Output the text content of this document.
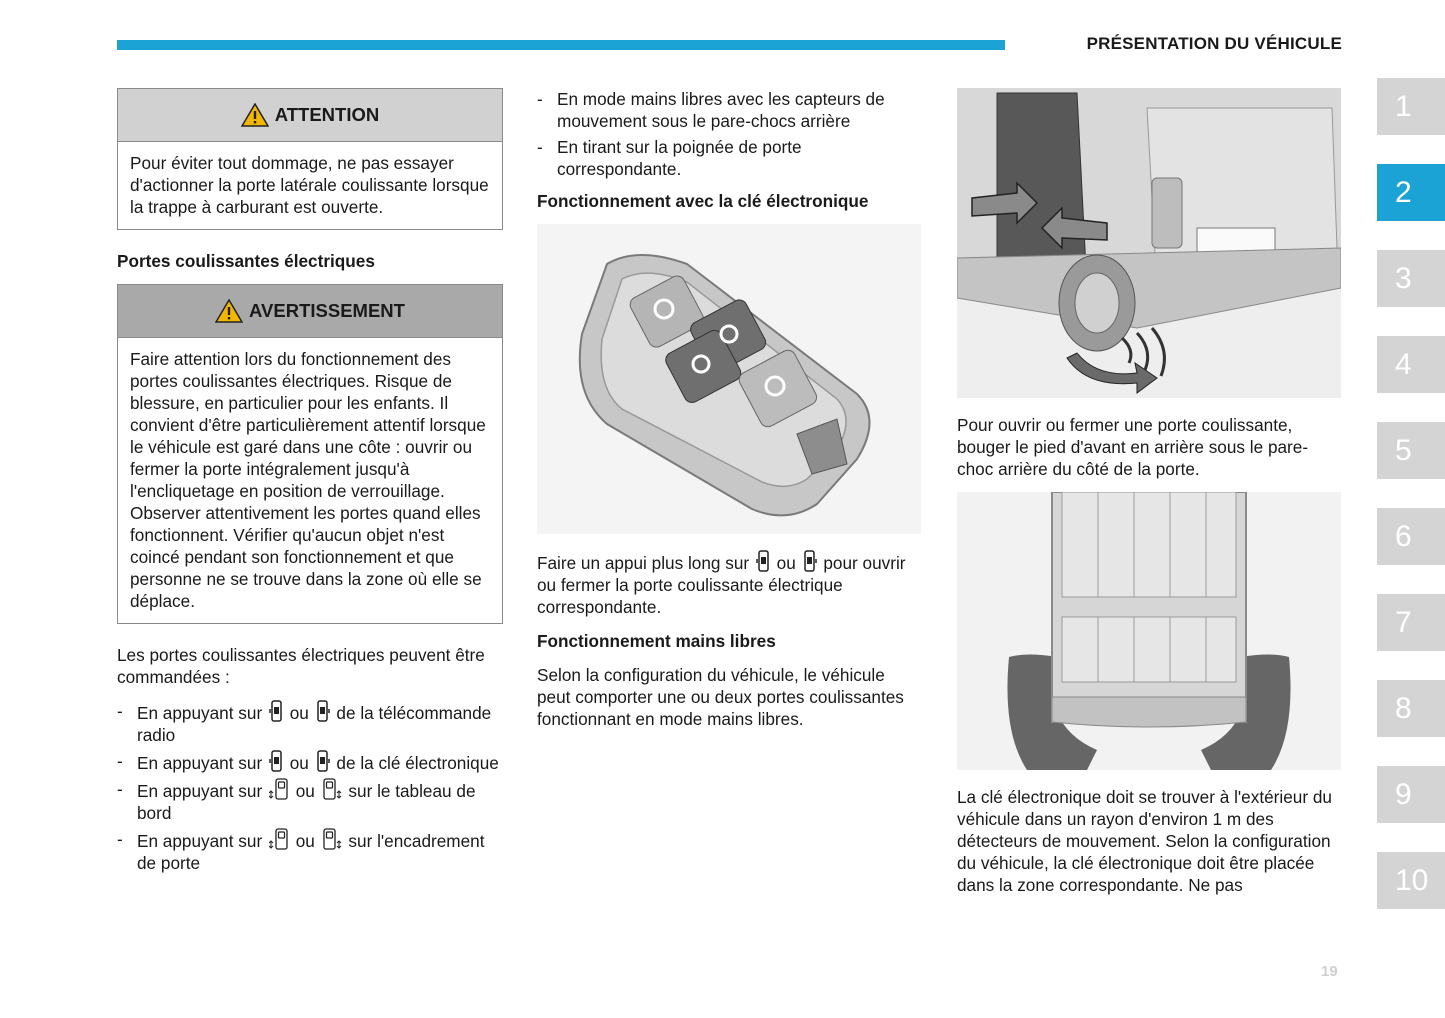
PRÉSENTATION DU VÉHICULE
ATTENTION

Pour éviter tout dommage, ne pas essayer d'actionner la porte latérale coulissante lorsque la trappe à carburant est ouverte.

Portes coulissantes électriques

AVERTISSEMENT

Faire attention lors du fonctionnement des portes coulissantes électriques. Risque de blessure, en particulier pour les enfants. Il convient d'être particulièrement attentif lorsque le véhicule est garé dans une côte : ouvrir ou fermer la porte intégralement jusqu'à l'encliquetage en position de verrouillage. Observer attentivement les portes quand elles fonctionnent. Vérifier qu'aucun objet n'est coincé pendant son fonctionnement et que personne ne se trouve dans la zone où elle se déplace.

Les portes coulissantes électriques peuvent être commandées :

- En appuyant sur ou de la télécommande radio
- En appuyant sur ou de la clé électronique
- En appuyant sur ou sur le tableau de bord
- En appuyant sur ou sur l'encadrement de porte
- En mode mains libres avec les capteurs de mouvement sous le pare-chocs arrière
- En tirant sur la poignée de porte correspondante.

Fonctionnement avec la clé électronique

Faire un appui plus long sur ou pour ouvrir ou fermer la porte coulissante électrique correspondante.

Fonctionnement mains libres

Selon la configuration du véhicule, le véhicule peut comporter une ou deux portes coulissantes fonctionnant en mode mains libres.

Pour ouvrir ou fermer une porte coulissante, bouger le pied d'avant en arrière sous le pare-choc arrière du côté de la porte.

La clé électronique doit se trouver à l'extérieur du véhicule dans un rayon d'environ 1 m des détecteurs de mouvement. Selon la configuration du véhicule, la clé électronique doit être placée dans la zone correspondante. Ne pas

1
2
3
4
5
6
7
8
9
10
19
